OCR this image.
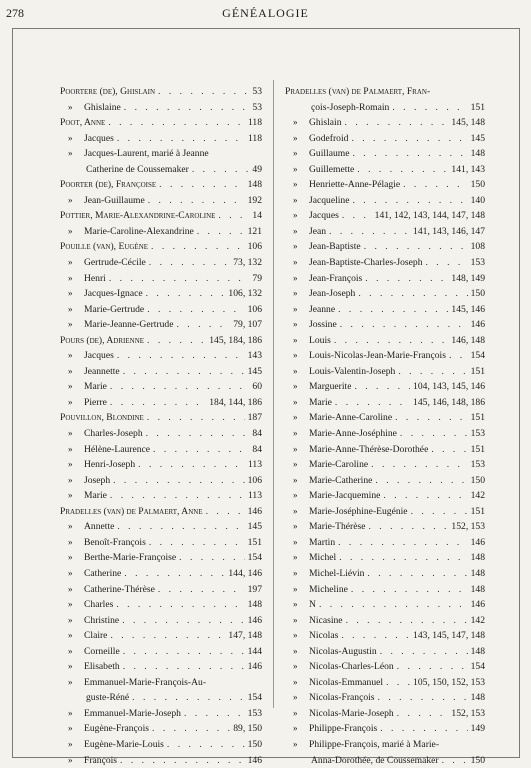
278	GÉNÉALOGIE
Poortere (de), Ghislain . . .	53
»	Ghislaine . . .	53
Poot, Anne . . .	118
»	Jacques . . .	118
»	Jacques-Laurent, marié à Jeanne
Catherine de Coussemaker . . .	49
Poorter (de), Françoise . . .	148
»	Jean-Guillaume . . .	192
Pottier, Marie-Alexandrine-Caroline . . .	14
»	Marie-Caroline-Alexandrine . . .	121
Pouille (van), Eugène . . .	106
»	Gertrude-Cécile . . .	73, 132
»	Henri . . .	79
»	Jacques-Ignace . . .	106, 132
»	Marie-Gertrude . . .	106
»	Marie-Jeanne-Gertrude . . .	79, 107
Pours (de), Adrienne . . .	145, 184, 186
»	Jacques . . .	143
»	Jeannette . . .	145
»	Marie . . .	60
»	Pierre . . .	184, 144, 186
Pouvillon, Blondine . . .	187
»	Charles-Joseph . . .	84
»	Hélène-Laurence . . .	84
»	Henri-Joseph . . .	113
»	Joseph . . .	106
»	Marie . . .	113
Pradelles (van) de Palmaert, Anne . . .	146
»	Annette . . .	145
»	Benoît-François . . .	151
»	Berthe-Marie-Françoise . . .	154
»	Catherine . . .	144, 146
»	Catherine-Thérèse . . .	197
»	Charles . . .	148
»	Christine . . .	146
»	Claire . . .	147, 148
»	Corneille . . .	144
»	Elisabeth . . .	146
»	Emmanuel-Marie-François-Au-
guste-Réné . . .	154
»	Emmanuel-Marie-Joseph . . .	153
»	Eugène-François . . .	89, 150
»	Eugène-Marie-Louis . . .	150
»	François . . .	146
Pradelles (van) de Palmaert, Fran-
çois-Joseph-Romain . . .	151
»	Ghislain . . .	145, 148
»	Godefroid . . .	145
»	Guillaume . . .	148
»	Guillemette . . .	141, 143
»	Henriette-Anne-Pélagie . . .	150
»	Jacqueline . . .	140
»	Jacques . . .	141, 142, 143, 144, 147, 148
»	Jean . . .	141, 143, 146, 147
»	Jean-Baptiste . . .	108
»	Jean-Baptiste-Charles-Joseph . . .	153
»	Jean-François . . .	148, 149
»	Jean-Joseph . . .	150
»	Jeanne . . .	145, 146
»	Jossine . . .	146
»	Louis . . .	146, 148
»	Louis-Nicolas-Jean-Marie-François . . .	154
»	Louis-Valentin-Joseph . . .	151
»	Marguerite . . .	104, 143, 145, 146
»	Marie . . .	145, 146, 148, 186
»	Marie-Anne-Caroline . . .	151
»	Marie-Anne-Joséphine . . .	153
»	Marie-Anne-Thérèse-Dorothée . . .	151
»	Marie-Caroline . . .	153
»	Marie-Catherine . . .	150
»	Marie-Jacquemine . . .	142
»	Marie-Joséphine-Eugénie . . .	151
»	Marie-Thérèse . . .	152, 153
»	Martin . . .	146
»	Michel . . .	148
»	Michel-Liévin . . .	148
»	Micheline . . .	148
»	N . . .	146
»	Nicasine . . .	142
»	Nicolas . . .	143, 145, 147, 148
»	Nicolas-Augustin . . .	148
»	Nicolas-Charles-Léon . . .	154
»	Nicolas-Emmanuel . . .	105, 150, 152, 153
»	Nicolas-François . . .	148
»	Nicolas-Marie-Joseph . . .	152, 153
»	Philippe-François . . .	149
»	Philippe-François, marié à Marie-
Anna-Dorothée, de Coussemaker . . .	150
